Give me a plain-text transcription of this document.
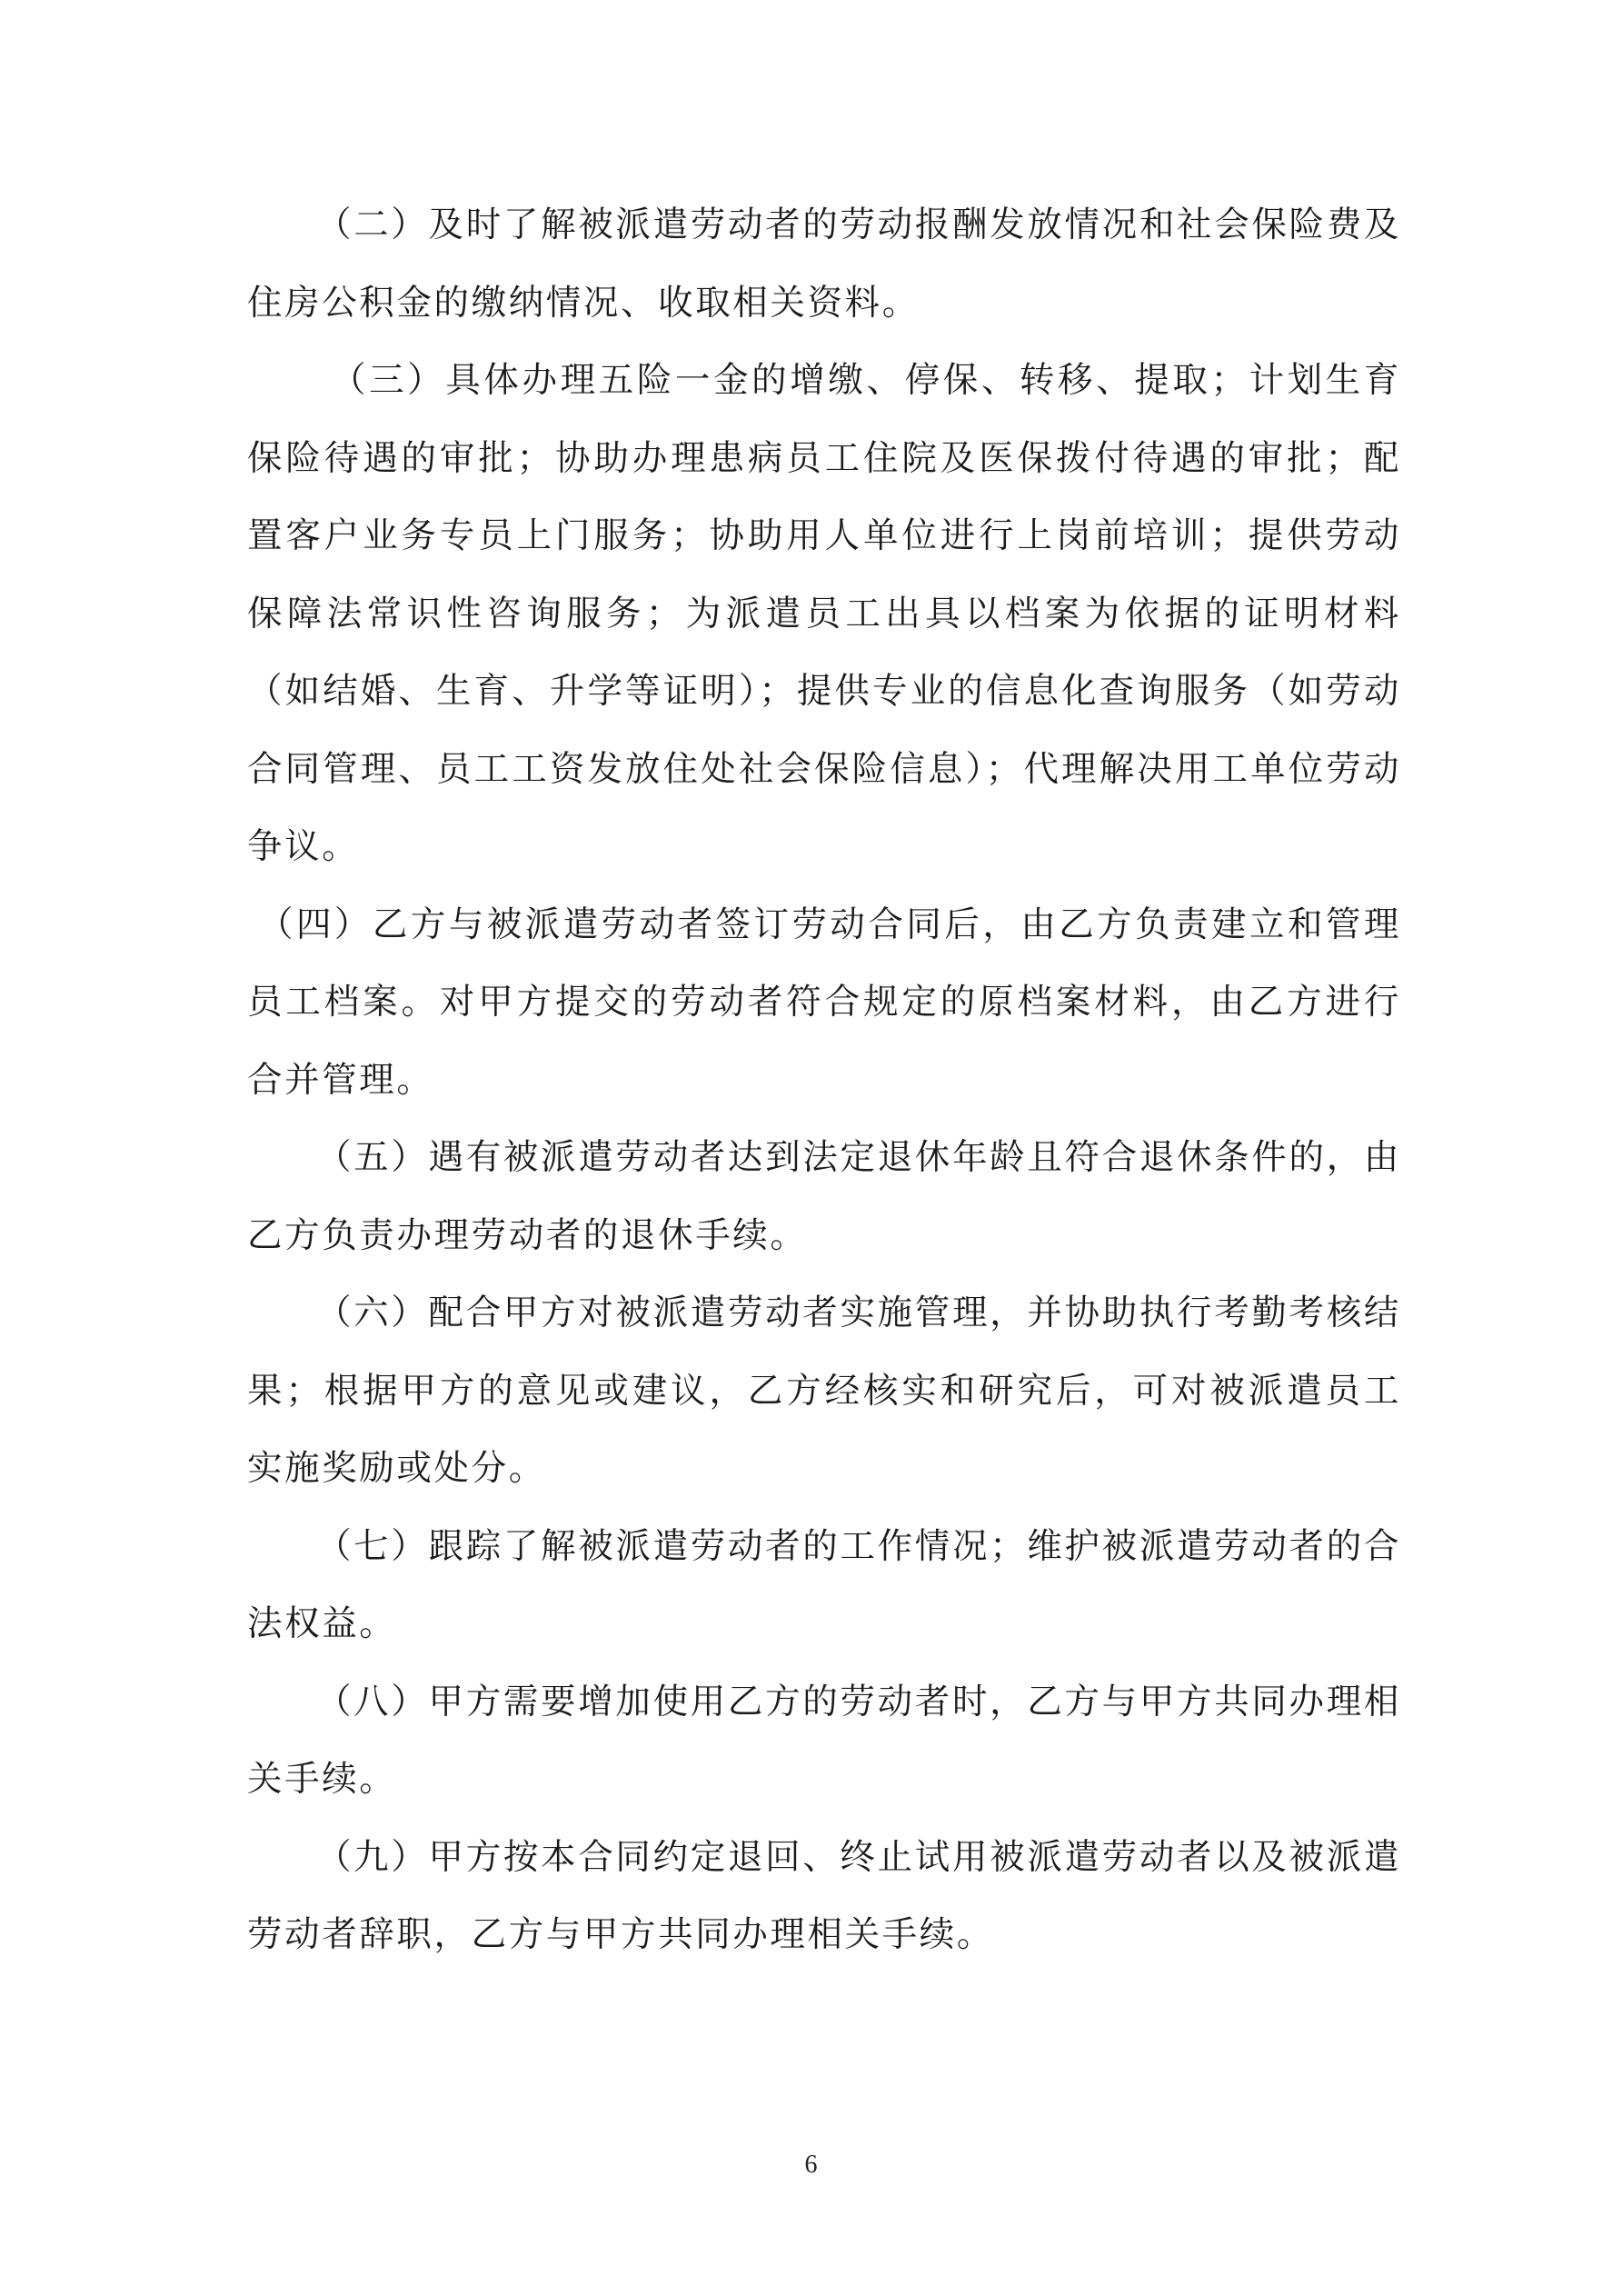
（二）及时了解被派遣劳动者的劳动报酬发放情况和社会保险费及住房公积金的缴纳情况、收取相关资料。

（三）具体办理五险一金的增缴、停保、转移、提取；计划生育保险待遇的审批；协助办理患病员工住院及医保拨付待遇的审批；配置客户业务专员上门服务；协助用人单位进行上岗前培训；提供劳动保障法常识性咨询服务；为派遣员工出具以档案为依据的证明材料（如结婚、生育、升学等证明）；提供专业的信息化查询服务（如劳动合同管理、员工工资发放住处社会保险信息）；代理解决用工单位劳动争议。

（四）乙方与被派遣劳动者签订劳动合同后，由乙方负责建立和管理员工档案。对甲方提交的劳动者符合规定的原档案材料，由乙方进行合并管理。

（五）遇有被派遣劳动者达到法定退休年龄且符合退休条件的，由乙方负责办理劳动者的退休手续。

（六）配合甲方对被派遣劳动者实施管理，并协助执行考勤考核结果；根据甲方的意见或建议，乙方经核实和研究后，可对被派遣员工实施奖励或处分。

（七）跟踪了解被派遣劳动者的工作情况；维护被派遣劳动者的合法权益。

（八）甲方需要增加使用乙方的劳动者时，乙方与甲方共同办理相关手续。

（九）甲方按本合同约定退回、终止试用被派遣劳动者以及被派遣劳动者辞职，乙方与甲方共同办理相关手续。

6
